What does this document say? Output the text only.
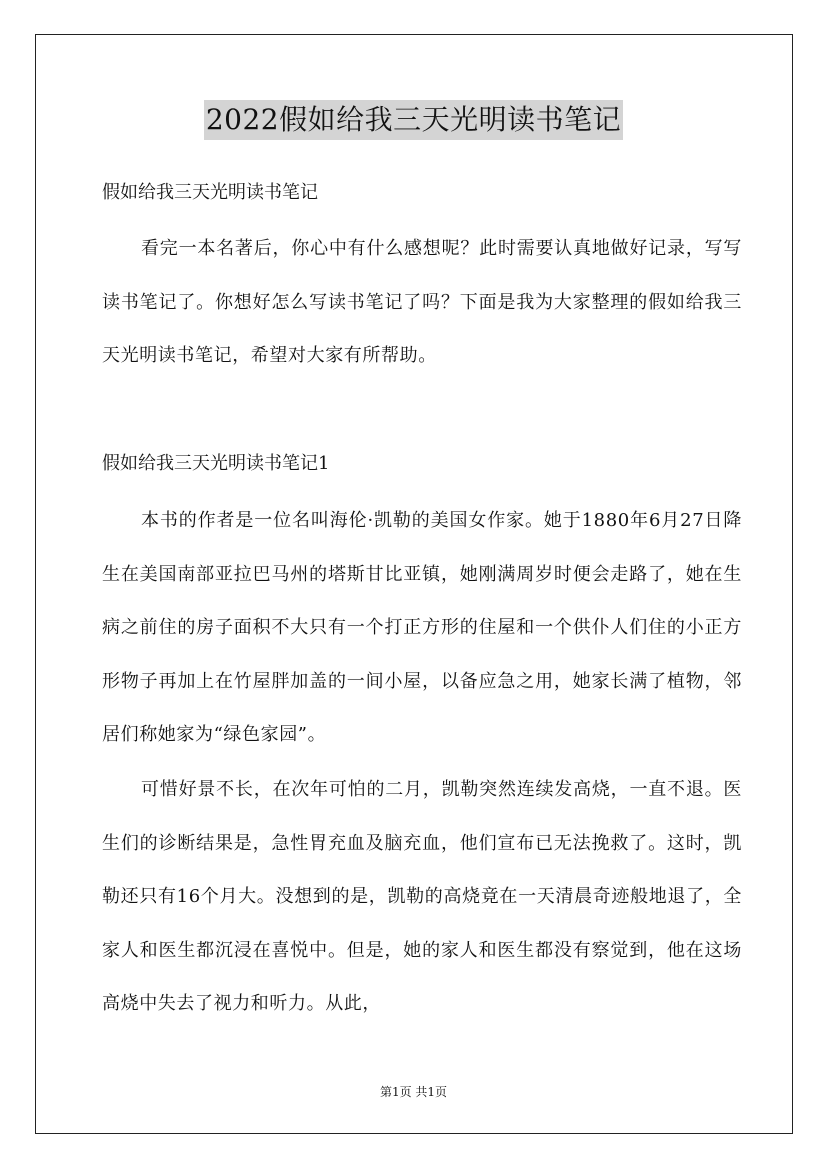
2022假如给我三天光明读书笔记
假如给我三天光明读书笔记

看完一本名著后，你心中有什么感想呢？此时需要认真地做好记录，写写读书笔记了。你想好怎么写读书笔记了吗？下面是我为大家整理的假如给我三天光明读书笔记，希望对大家有所帮助。

假如给我三天光明读书笔记1

本书的作者是一位名叫海伦·凯勒的美国女作家。她于1880年6月27日降生在美国南部亚拉巴马州的塔斯甘比亚镇，她刚满周岁时便会走路了，她在生病之前住的房子面积不大只有一个打正方形的住屋和一个供仆人们住的小正方形物子再加上在竹屋胖加盖的一间小屋，以备应急之用，她家长满了植物，邻居们称她家为“绿色家园”。

可惜好景不长，在次年可怕的二月，凯勒突然连续发高烧，一直不退。医生们的诊断结果是，急性胃充血及脑充血，他们宣布已无法挽救了。这时，凯勒还只有16个月大。没想到的是，凯勒的高烧竟在一天清晨奇迹般地退了，全家人和医生都沉浸在喜悦中。但是，她的家人和医生都没有察觉到，他在这场高烧中失去了视力和听力。从此，

第1页 共1页
